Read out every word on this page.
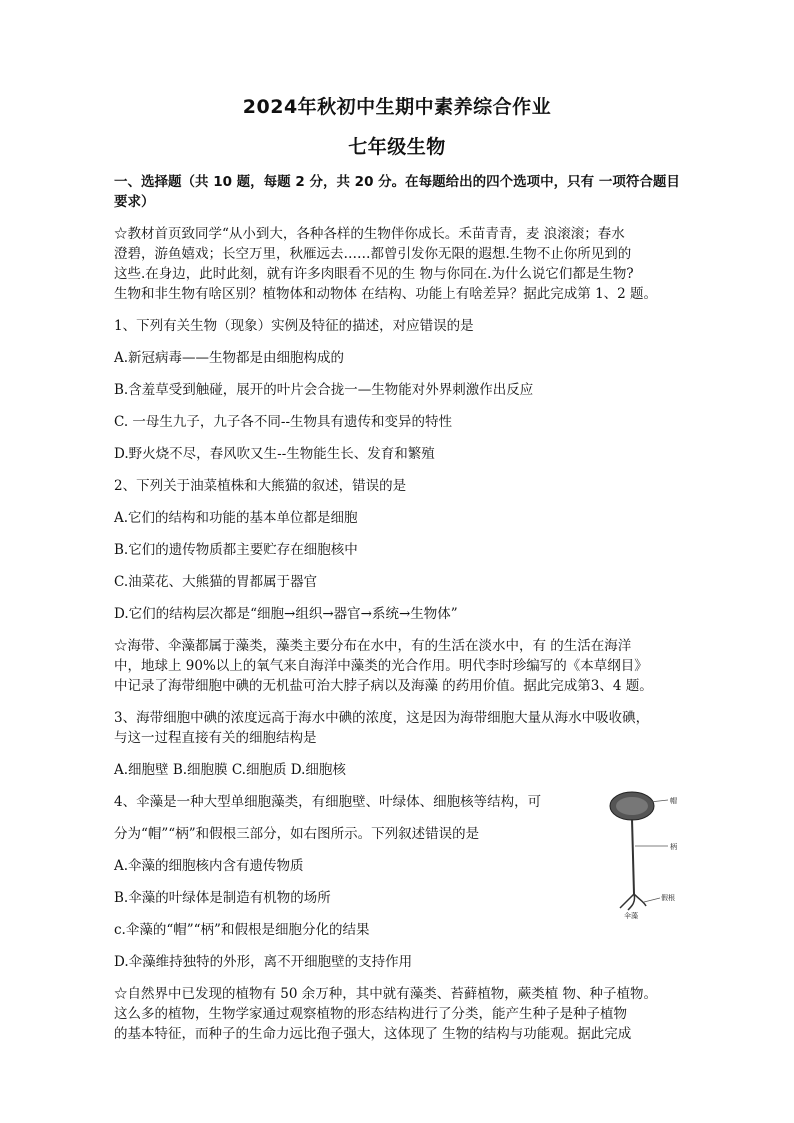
2024年秋初中生期中素养综合作业
七年级生物
一、选择题（共 10 题，每题 2 分，共 20 分。在每题给出的四个选项中，只有 一项符合题目要求）
☆教材首页致同学“从小到大，各种各样的生物伴你成长。禾苗青青，麦 浪滚滚；春水
澄碧，游鱼嬉戏；长空万里，秋雁远去……都曾引发你无限的遐想.生物不止你所见到的
这些.在身边，此时此刻，就有许多肉眼看不见的生 物与你同在.为什么说它们都是生物?
生物和非生物有啥区别？植物体和动物体 在结构、功能上有啥差异？据此完成第 1、2 题。
1、下列有关生物（现象）实例及特征的描述，对应错误的是
A.新冠病毒——生物都是由细胞构成的
B.含羞草受到触碰，展开的叶片会合拢一—生物能对外界刺激作出反应
C. 一母生九子，九子各不同--生物具有遗传和变异的特性
D.野火烧不尽，春风吹又生--生物能生长、发育和繁殖
2、下列关于油菜植株和大熊猫的叙述，错误的是
A.它们的结构和功能的基本单位都是细胞
B.它们的遗传物质都主要贮存在细胞核中
C.油菜花、大熊猫的胃都属于器官
D.它们的结构层次都是“细胞→组织→器官→系统→生物体”
☆海带、伞藻都属于藻类，藻类主要分布在水中，有的生活在淡水中，有 的生活在海洋
中，地球上 90%以上的氧气来自海洋中藻类的光合作用。明代李时珍编写的《本草纲目》
中记录了海带细胞中碘的无机盐可治大脖子病以及海藻 的药用价值。据此完成第3、4 题。
3、海带细胞中碘的浓度远高于海水中碘的浓度，这是因为海带细胞大量从海水中吸收碘，
与这一过程直接有关的细胞结构是
A.细胞壁 B.细胞膜 C.细胞质 D.细胞核
4、伞藻是一种大型单细胞藻类，有细胞壁、叶绿体、细胞核等结构，可
分为“帽”“柄”和假根三部分，如右图所示。下列叙述错误的是
A.伞藻的细胞核内含有遗传物质
B.伞藻的叶绿体是制造有机物的场所
c.伞藻的“帽”“柄”和假根是细胞分化的结果
D.伞藻维持独特的外形，离不开细胞壁的支持作用
帽
柄
假根
伞藻
☆自然界中已发现的植物有 50 余万种，其中就有藻类、苔藓植物，蕨类植 物、种子植物。
这么多的植物，生物学家通过观察植物的形态结构进行了分类，能产生种子是种子植物
的基本特征，而种子的生命力远比孢子强大，这体现了 生物的结构与功能观。据此完成
